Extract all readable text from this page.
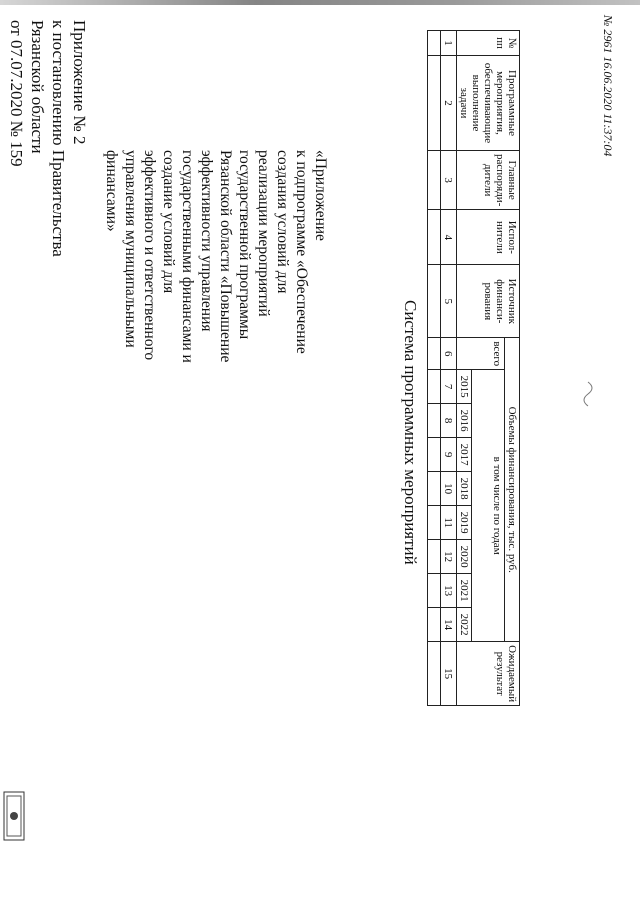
Приложение № 2
к постановлению Правительства
Рязанской области
от 07.07.2020 № 159
«Приложение
к подпрограмме «Обеспечение
создания условий для
реализации мероприятий
государственной программы
Рязанской области «Повышение
эффективности управления
государственными финансами и
создание условий для
эффективного и ответственного
управления муниципальными
финансами»
Система программных мероприятий
№ пп	Программные мероприятия, обеспечивающие выполнение задачи	Главные распоряди-дители	Испол-нители	Источник финанси-рования	Объемы финансирования, тыс. руб.									Ожидаемый результат
					всего	в том числе по годам								
						2015	2016	2017	2018	2019	2020	2021	2022	
1	2	3	4	5	6	7	8	9	10	11	12	13	14	15

№ 2961 16.06.2020 11:37:04
